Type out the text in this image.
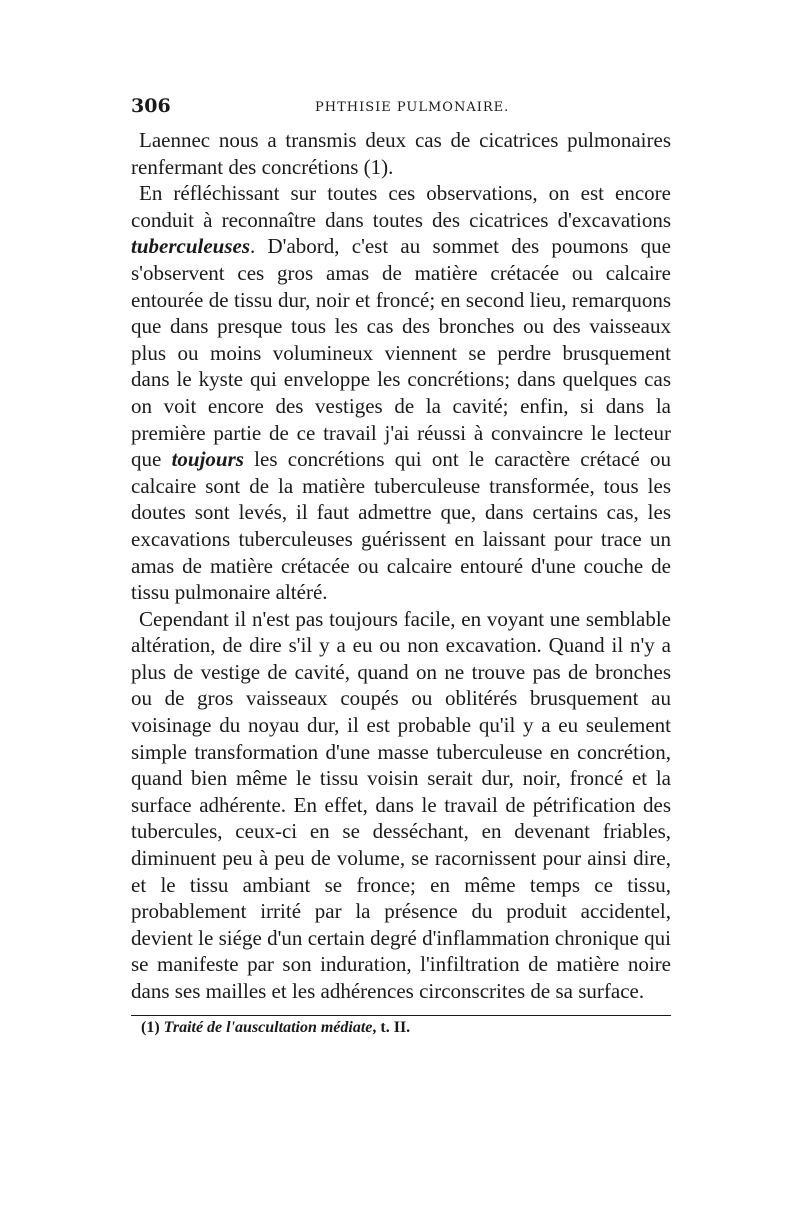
306	PHTHISIE PULMONAIRE.

Laennec nous a transmis deux cas de cicatrices pulmonaires renfermant des concrétions (1).

En réfléchissant sur toutes ces observations, on est encore conduit à reconnaître dans toutes des cicatrices d'excavations tuberculeuses. D'abord, c'est au sommet des poumons que s'observent ces gros amas de matière crétacée ou calcaire entourée de tissu dur, noir et froncé; en second lieu, remarquons que dans presque tous les cas des bronches ou des vaisseaux plus ou moins volumineux viennent se perdre brusquement dans le kyste qui enveloppe les concrétions; dans quelques cas on voit encore des vestiges de la cavité; enfin, si dans la première partie de ce travail j'ai réussi à convaincre le lecteur que toujours les concrétions qui ont le caractère crétacé ou calcaire sont de la matière tuberculeuse transformée, tous les doutes sont levés, il faut admettre que, dans certains cas, les excavations tuberculeuses guérissent en laissant pour trace un amas de matière crétacée ou calcaire entouré d'une couche de tissu pulmonaire altéré.

Cependant il n'est pas toujours facile, en voyant une semblable altération, de dire s'il y a eu ou non excavation. Quand il n'y a plus de vestige de cavité, quand on ne trouve pas de bronches ou de gros vaisseaux coupés ou oblitérés brusquement au voisinage du noyau dur, il est probable qu'il y a eu seulement simple transformation d'une masse tuberculeuse en concrétion, quand bien même le tissu voisin serait dur, noir, froncé et la surface adhérente. En effet, dans le travail de pétrification des tubercules, ceux-ci en se desséchant, en devenant friables, diminuent peu à peu de volume, se racornissent pour ainsi dire, et le tissu ambiant se fronce; en même temps ce tissu, probablement irrité par la présence du produit accidentel, devient le siége d'un certain degré d'inflammation chronique qui se manifeste par son induration, l'infiltration de matière noire dans ses mailles et les adhérences circonscrites de sa surface.

(1) Traité de l'auscultation médiate, t. II.
